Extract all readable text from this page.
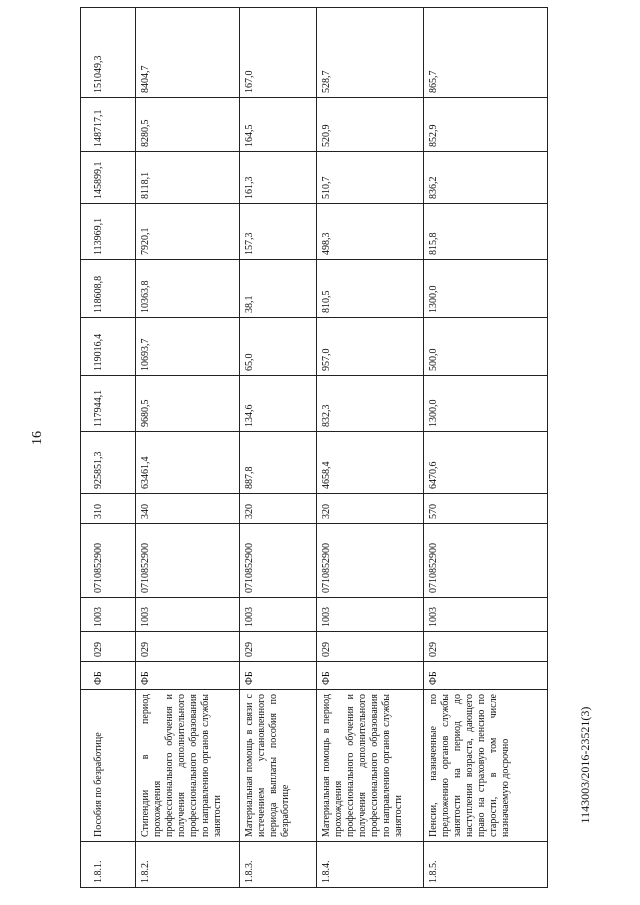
16
1.8.1.	Пособия по безработице	ФБ	029	1003	0710852900	310	925851,3	117944,1	119016,4	118608,8	113969,1	145899,1	148717,1	151049,3
1.8.2.	Стипендии в период прохождения профессионального обучения и получения дополнительного профессионального образования по направлению органов службы занятости	ФБ	029	1003	0710852900	340	63461,4	9680,5	10693,7	10363,8	7920,1	8118,1	8280,5	8404,7
1.8.3.	Материальная помощь в связи с истечением установленного периода выплаты пособия по безработице	ФБ	029	1003	0710852900	320	887,8	134,6	65,0	38,1	157,3	161,3	164,5	167,0
1.8.4.	Материальная помощь в период прохождения профессионального обучения и получения дополнительного профессионального образования по направлению органов службы занятости	ФБ	029	1003	0710852900	320	4658,4	832,3	957,0	810,5	498,3	510,7	520,9	528,7
1.8.5.	Пенсии, назначенные по предложению органов службы занятости на период до наступления возраста, дающего право на страховую пенсию по старости, в том числе назначаемую досрочно	ФБ	029	1003	0710852900	570	6470,6	1300,0	500,0	1300,0	815,8	836,2	852,9	865,7
1143003/2016-23521(3)
